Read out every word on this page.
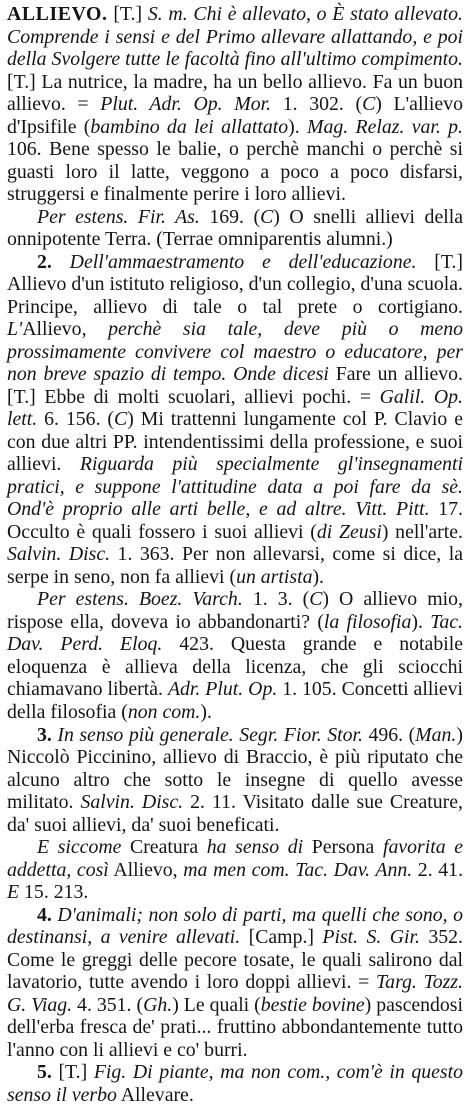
ALLIEVO. [T.] S. m. Chi è allevato, o È stato allevato. Comprende i sensi e del Primo allevare allattando, e poi della Svolgere tutte le facoltà fino all'ultimo compimento. [T.] La nutrice, la madre, ha un bello allievo. Fa un buon allievo. = Plut. Adr. Op. Mor. 1. 302. (C) L'allievo d'Ipsifile (bambino da lei allattato). Mag. Relaz. var. p. 106. Bene spesso le balie, o perchè manchi o perchè si guasti loro il latte, veggono a poco a poco disfarsi, struggersi e finalmente perire i loro allievi.

Per estens. Fir. As. 169. (C) O snelli allievi della onnipotente Terra. (Terrae omniparentis alumni.)

2. Dell'ammaestramento e dell'educazione. [T.] Allievo d'un istituto religioso, d'un collegio, d'una scuola. Principe, allievo di tale o tal prete o cortigiano. L'Allievo, perchè sia tale, deve più o meno prossimamente convivere col maestro o educatore, per non breve spazio di tempo. Onde dicesi Fare un allievo. [T.] Ebbe di molti scuolari, allievi pochi. = Galil. Op. lett. 6. 156. (C) Mi trattenni lungamente col P. Clavio e con due altri PP. intendentissimi della professione, e suoi allievi. Riguarda più specialmente gl'insegnamenti pratici, e suppone l'attitudine data a poi fare da sè. Ond'è proprio alle arti belle, e ad altre. Vitt. Pitt. 17. Occulto è quali fossero i suoi allievi (di Zeusi) nell'arte. Salvin. Disc. 1. 363. Per non allevarsi, come si dice, la serpe in seno, non fa allievi (un artista).

Per estens. Boez. Varch. 1. 3. (C) O allievo mio, rispose ella, doveva io abbandonarti? (la filosofia). Tac. Dav. Perd. Eloq. 423. Questa grande e notabile eloquenza è allieva della licenza, che gli sciocchi chiamavano libertà. Adr. Plut. Op. 1. 105. Concetti allievi della filosofia (non com.).

3. In senso più generale. Segr. Fior. Stor. 496. (Man.) Niccolò Piccinino, allievo di Braccio, è più riputato che alcuno altro che sotto le insegne di quello avesse militato. Salvin. Disc. 2. 11. Visitato dalle sue Creature, da' suoi allievi, da' suoi beneficati.

E siccome Creatura ha senso di Persona favorita e addetta, così Allievo, ma men com. Tac. Dav. Ann. 2. 41. E 15. 213.

4. D'animali; non solo di parti, ma quelli che sono, o destinansi, a venire allevati. [Camp.] Pist. S. Gir. 352. Come le greggi delle pecore tosate, le quali salirono dal lavatorio, tutte avendo i loro doppi allievi. = Targ. Tozz. G. Viag. 4. 351. (Gh.) Le quali (bestie bovine) pascendosi dell'erba fresca de' prati... fruttino abbondantemente tutto l'anno con li allievi e co' burri.

5. [T.] Fig. Di piante, ma non com., com'è in questo senso il verbo Allevare.
